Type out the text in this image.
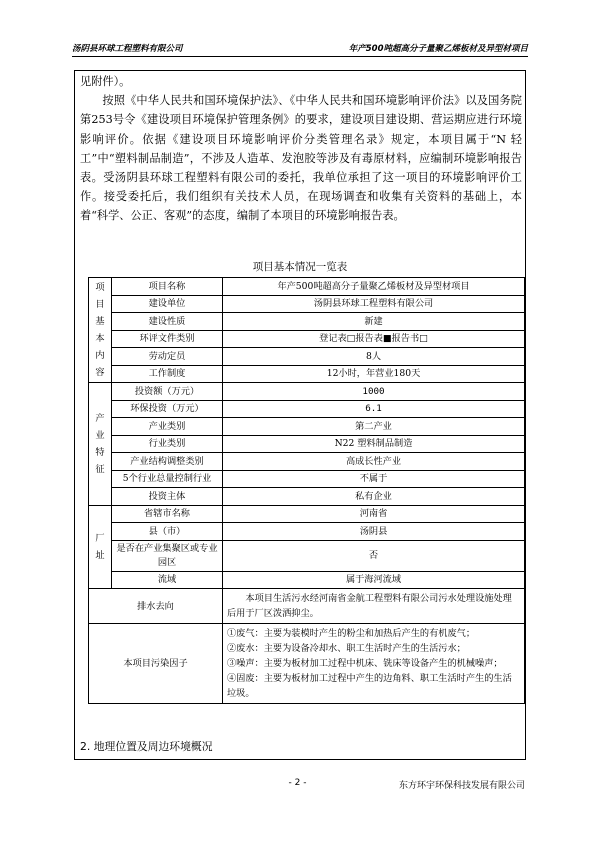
汤阴县环球工程塑料有限公司	年产500吨超高分子量聚乙烯板材及异型材项目

见附件）。

按照《中华人民共和国环境保护法》、《中华人民共和国环境影响评价法》以及国务院第253号令《建设项目环境保护管理条例》的要求，建设项目建设期、营运期应进行环境影响评价。依据《建设项目环境影响评价分类管理名录》规定，本项目属于“N 轻工”中“塑料制品制造”，不涉及人造革、发泡胶等涉及有毒原材料，应编制环境影响报告表。受汤阴县环球工程塑料有限公司的委托，我单位承担了这一项目的环境影响评价工作。接受委托后，我们组织有关技术人员，在现场调查和收集有关资料的基础上，本着“科学、公正、客观”的态度，编制了本项目的环境影响报告表。

项目基本情况一览表
项目基本内容	项目名称	年产500吨超高分子量聚乙烯板材及异型材项目
	建设单位	汤阴县环球工程塑料有限公司
	建设性质	新建
	环评文件类别	登记表□报告表■报告书□
	劳动定员	8人
	工作制度	12小时，年营业180天
产业特征	投资额（万元）	1000
	环保投资（万元）	6.1
	产业类别	第二产业
	行业类别	N22 塑料制品制造
	产业结构调整类别	高成长性产业
	5个行业总量控制行业	不属于
	投资主体	私有企业
厂址	省辖市名称	河南省
	县（市）	汤阴县
	是否在产业集聚区或专业园区	否
	流域	属于海河流域
排水去向		本项目生活污水经河南省金航工程塑料有限公司污水处理设施处理后用于厂区泼洒抑尘。
本项目污染因子		①废气：主要为装模时产生的粉尘和加热后产生的有机废气；
②废水：主要为设备冷却水、职工生活时产生的生活污水；
③噪声：主要为板材加工过程中机床、铣床等设备产生的机械噪声；
④固废：主要为板材加工过程中产生的边角料、职工生活时产生的生活垃圾。
2. 地理位置及周边环境概况
- 2 -	东方环宇环保科技发展有限公司
